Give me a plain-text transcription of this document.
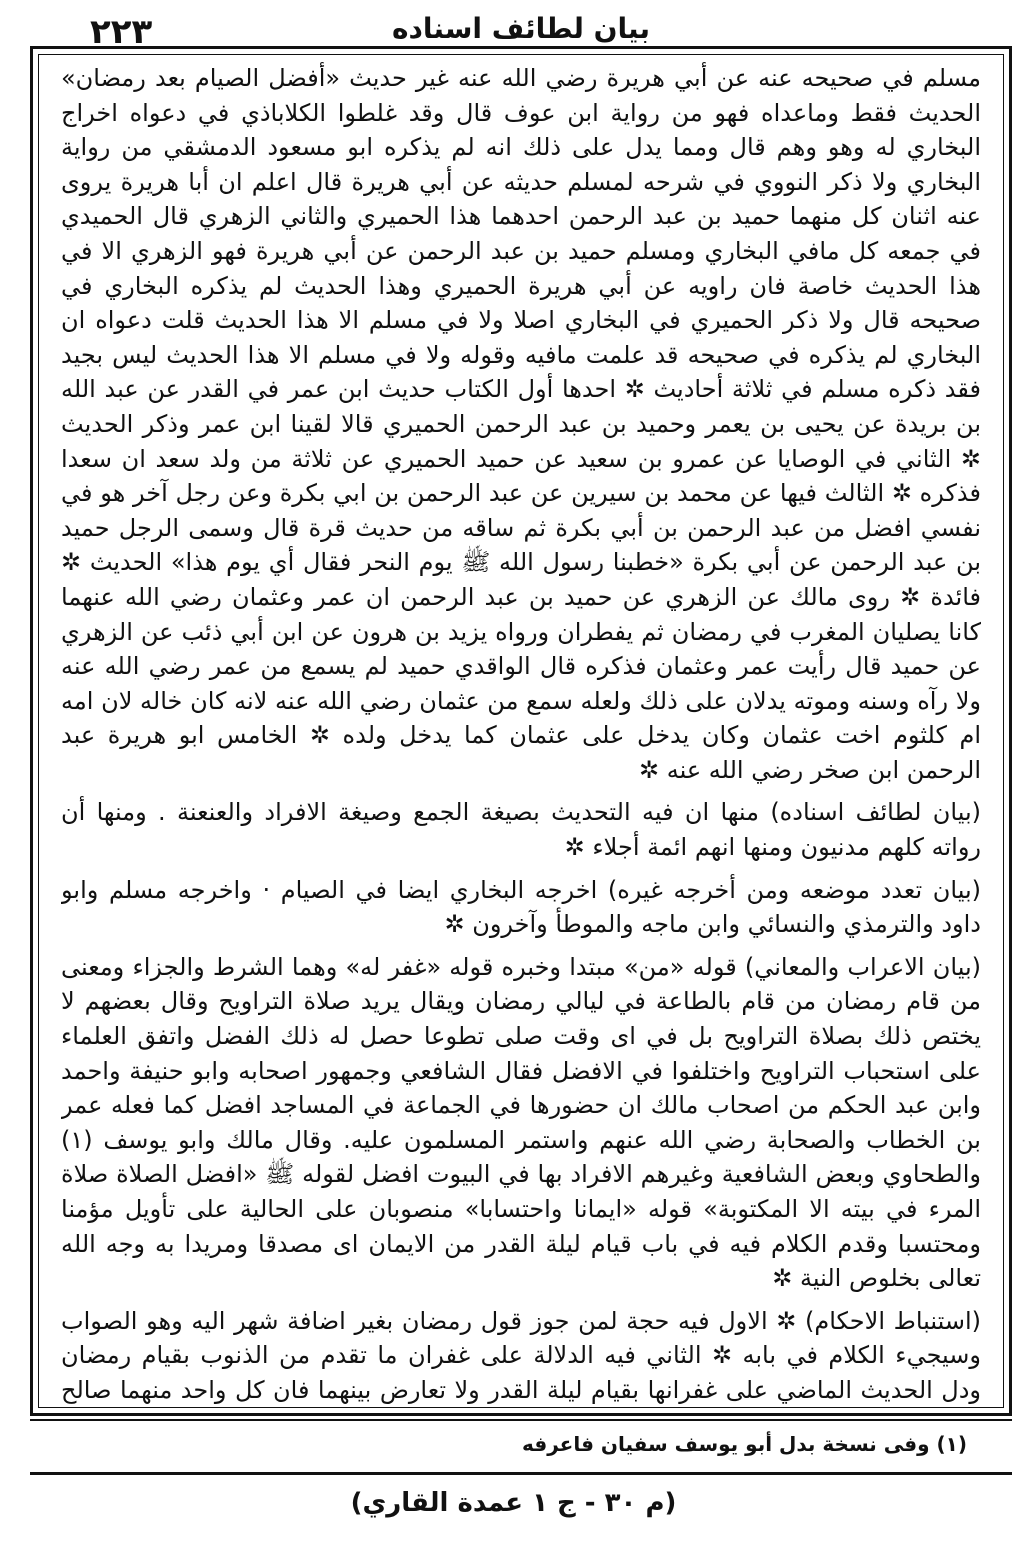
٢٢٣	بيان لطائف اسناده

مسلم في صحيحه عنه عن أبي هريرة رضي الله عنه غير حديث «أفضل الصيام بعد رمضان» الحديث فقط وماعداه فهو من رواية ابن عوف قال وقد غلطوا الكلاباذي في دعواه اخراج البخاري له وهو وهم قال ومما يدل على ذلك انه لم يذكره ابو مسعود الدمشقي من رواية البخاري ولا ذكر النووي في شرحه لمسلم حديثه عن أبي هريرة قال اعلم ان أبا هريرة يروى عنه اثنان كل منهما حميد بن عبد الرحمن احدهما هذا الحميري والثاني الزهري قال الحميدي في جمعه كل مافي البخاري ومسلم حميد بن عبد الرحمن عن أبي هريرة فهو الزهري الا في هذا الحديث خاصة فان راويه عن أبي هريرة الحميري وهذا الحديث لم يذكره البخاري في صحيحه قال ولا ذكر الحميري في البخاري اصلا ولا في مسلم الا هذا الحديث قلت دعواه ان البخاري لم يذكره في صحيحه قد علمت مافيه وقوله ولا في مسلم الا هذا الحديث ليس بجيد فقد ذكره مسلم في ثلاثة أحاديث ✲ احدها أول الكتاب حديث ابن عمر في القدر عن عبد الله بن بريدة عن يحيى بن يعمر وحميد بن عبد الرحمن الحميري قالا لقينا ابن عمر وذكر الحديث ✲ الثاني في الوصايا عن عمرو بن سعيد عن حميد الحميري عن ثلاثة من ولد سعد ان سعدا فذكره ✲ الثالث فيها عن محمد بن سيرين عن عبد الرحمن بن ابي بكرة وعن رجل آخر هو في نفسي افضل من عبد الرحمن بن أبي بكرة ثم ساقه من حديث قرة قال وسمى الرجل حميد بن عبد الرحمن عن أبي بكرة «خطبنا رسول الله ﷺ يوم النحر فقال أي يوم هذا» الحديث ✲ فائدة ✲ روى مالك عن الزهري عن حميد بن عبد الرحمن ان عمر وعثمان رضي الله عنهما كانا يصليان المغرب في رمضان ثم يفطران ورواه يزيد بن هرون عن ابن أبي ذئب عن الزهري عن حميد قال رأيت عمر وعثمان فذكره قال الواقدي حميد لم يسمع من عمر رضي الله عنه ولا رآه وسنه وموته يدلان على ذلك ولعله سمع من عثمان رضي الله عنه لانه كان خاله لان امه ام كلثوم اخت عثمان وكان يدخل على عثمان كما يدخل ولده ✲ الخامس ابو هريرة عبد الرحمن ابن صخر رضي الله عنه ✲

(بيان لطائف اسناده) منها ان فيه التحديث بصيغة الجمع وصيغة الافراد والعنعنة . ومنها أن رواته كلهم مدنيون ومنها انهم ائمة أجلاء ✲

(بيان تعدد موضعه ومن أخرجه غيره) اخرجه البخاري ايضا في الصيام · واخرجه مسلم وابو داود والترمذي والنسائي وابن ماجه والموطأ وآخرون ✲

(بيان الاعراب والمعاني) قوله «من» مبتدا وخبره قوله «غفر له» وهما الشرط والجزاء ومعنى من قام رمضان من قام بالطاعة في ليالي رمضان ويقال يريد صلاة التراويح وقال بعضهم لا يختص ذلك بصلاة التراويح بل في اى وقت صلى تطوعا حصل له ذلك الفضل واتفق العلماء على استحباب التراويح واختلفوا في الافضل فقال الشافعي وجمهور اصحابه وابو حنيفة واحمد وابن عبد الحكم من اصحاب مالك ان حضورها في الجماعة في المساجد افضل كما فعله عمر بن الخطاب والصحابة رضي الله عنهم واستمر المسلمون عليه. وقال مالك وابو يوسف (١) والطحاوي وبعض الشافعية وغيرهم الافراد بها في البيوت افضل لقوله ﷺ «افضل الصلاة صلاة المرء في بيته الا المكتوبة» قوله «ايمانا واحتسابا» منصوبان على الحالية على تأويل مؤمنا ومحتسبا وقدم الكلام فيه في باب قيام ليلة القدر من الايمان اى مصدقا ومريدا به وجه الله تعالى بخلوص النية ✲

(استنباط الاحكام) ✲ الاول فيه حجة لمن جوز قول رمضان بغير اضافة شهر اليه وهو الصواب وسيجيء الكلام في بابه ✲ الثاني فيه الدلالة على غفران ما تقدم من الذنوب بقيام رمضان ودل الحديث الماضي على غفرانها بقيام ليلة القدر ولا تعارض بينهما فان كل واحد منهما صالح

(١) وفى نسخة بدل أبو يوسف سفيان فاعرفه
(م ٣٠ - ج ١ عمدة القاري)
